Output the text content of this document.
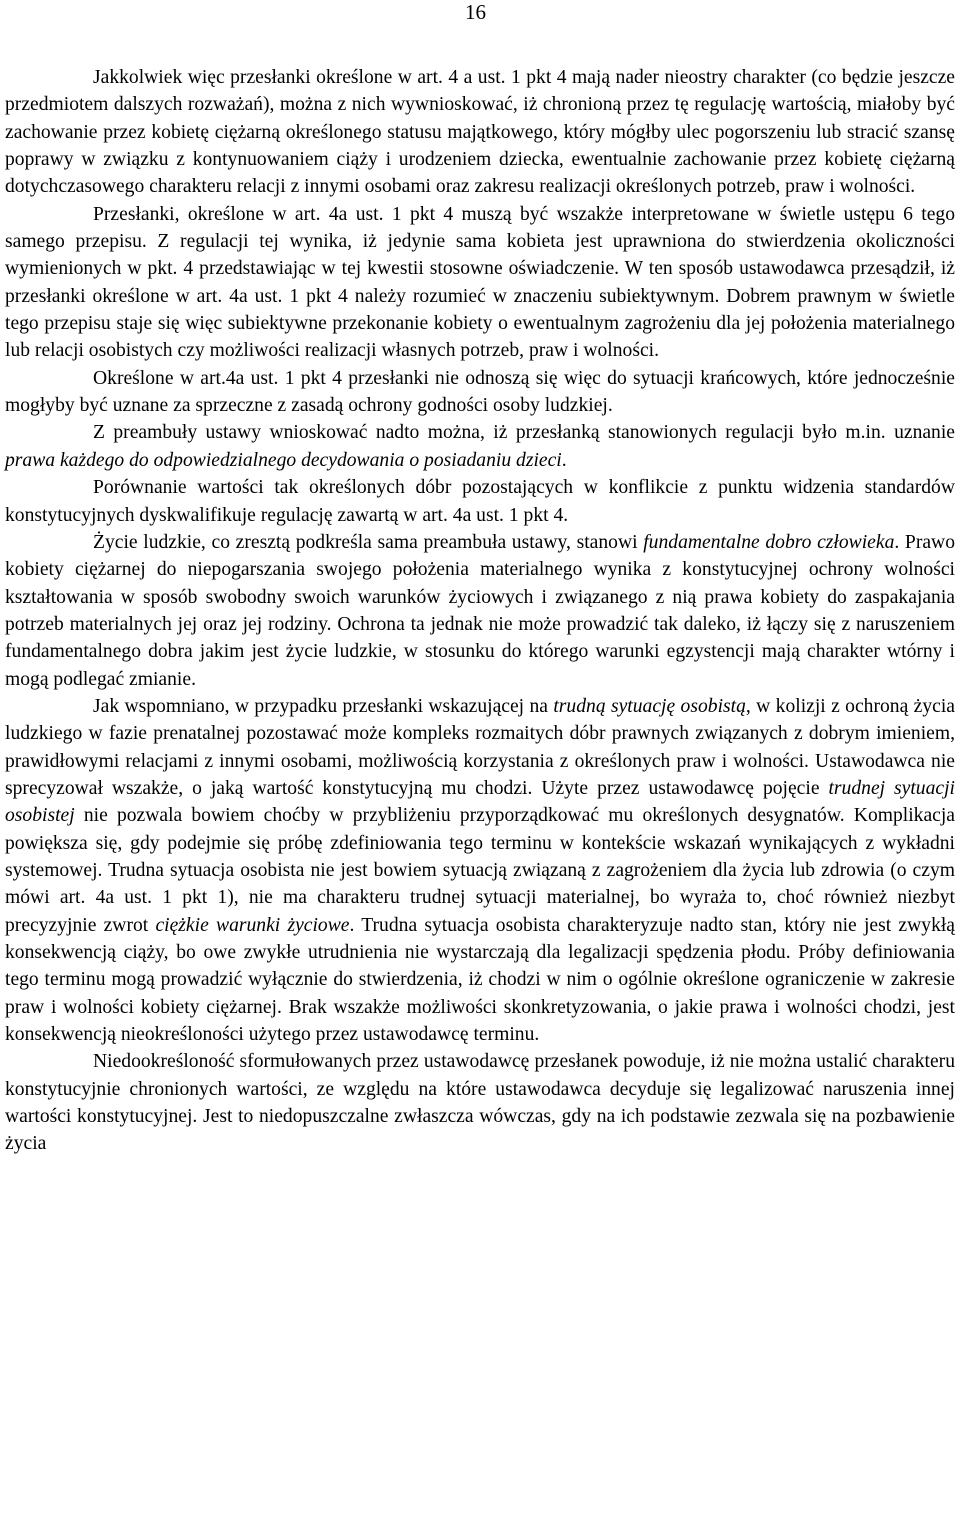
16

Jakkolwiek więc przesłanki określone w art. 4 a ust. 1 pkt 4 mają nader nieostry charakter (co będzie jeszcze przedmiotem dalszych rozważań), można z nich wywnioskować, iż chronioną przez tę regulację wartością, miałoby być zachowanie przez kobietę ciężarną określonego statusu majątkowego, który mógłby ulec pogorszeniu lub stracić szansę poprawy w związku z kontynuowaniem ciąży i urodzeniem dziecka, ewentualnie zachowanie przez kobietę ciężarną dotychczasowego charakteru relacji z innymi osobami oraz zakresu realizacji określonych potrzeb, praw i wolności.

Przesłanki, określone w art. 4a ust. 1 pkt 4 muszą być wszakże interpretowane w świetle ustępu 6 tego samego przepisu. Z regulacji tej wynika, iż jedynie sama kobieta jest uprawniona do stwierdzenia okoliczności wymienionych w pkt. 4 przedstawiając w tej kwestii stosowne oświadczenie. W ten sposób ustawodawca przesądził, iż przesłanki określone w art. 4a ust. 1 pkt 4 należy rozumieć w znaczeniu subiektywnym. Dobrem prawnym w świetle tego przepisu staje się więc subiektywne przekonanie kobiety o ewentualnym zagrożeniu dla jej położenia materialnego lub relacji osobistych czy możliwości realizacji własnych potrzeb, praw i wolności.

Określone w art.4a ust. 1 pkt 4 przesłanki nie odnoszą się więc do sytuacji krańcowych, które jednocześnie mogłyby być uznane za sprzeczne z zasadą ochrony godności osoby ludzkiej.

Z preambuły ustawy wnioskować nadto można, iż przesłanką stanowionych regulacji było m.in. uznanie prawa każdego do odpowiedzialnego decydowania o posiadaniu dzieci.

Porównanie wartości tak określonych dóbr pozostających w konflikcie z punktu widzenia standardów konstytucyjnych dyskwalifikuje regulację zawartą w art. 4a ust. 1 pkt 4.

Życie ludzkie, co zresztą podkreśla sama preambuła ustawy, stanowi fundamentalne dobro człowieka. Prawo kobiety ciężarnej do niepogarszania swojego położenia materialnego wynika z konstytucyjnej ochrony wolności kształtowania w sposób swobodny swoich warunków życiowych i związanego z nią prawa kobiety do zaspakajania potrzeb materialnych jej oraz jej rodziny. Ochrona ta jednak nie może prowadzić tak daleko, iż łączy się z naruszeniem fundamentalnego dobra jakim jest życie ludzkie, w stosunku do którego warunki egzystencji mają charakter wtórny i mogą podlegać zmianie.

Jak wspomniano, w przypadku przesłanki wskazującej na trudną sytuację osobistą, w kolizji z ochroną życia ludzkiego w fazie prenatalnej pozostawać może kompleks rozmaitych dóbr prawnych związanych z dobrym imieniem, prawidłowymi relacjami z innymi osobami, możliwością korzystania z określonych praw i wolności. Ustawodawca nie sprecyzował wszakże, o jaką wartość konstytucyjną mu chodzi. Użyte przez ustawodawcę pojęcie trudnej sytuacji osobistej nie pozwala bowiem choćby w przybliżeniu przyporządkować mu określonych desygnatów. Komplikacja powiększa się, gdy podejmie się próbę zdefiniowania tego terminu w kontekście wskazań wynikających z wykładni systemowej. Trudna sytuacja osobista nie jest bowiem sytuacją związaną z zagrożeniem dla życia lub zdrowia (o czym mówi art. 4a ust. 1 pkt 1), nie ma charakteru trudnej sytuacji materialnej, bo wyraża to, choć również niezbyt precyzyjnie zwrot ciężkie warunki życiowe. Trudna sytuacja osobista charakteryzuje nadto stan, który nie jest zwykłą konsekwencją ciąży, bo owe zwykłe utrudnienia nie wystarczają dla legalizacji spędzenia płodu. Próby definiowania tego terminu mogą prowadzić wyłącznie do stwierdzenia, iż chodzi w nim o ogólnie określone ograniczenie w zakresie praw i wolności kobiety ciężarnej. Brak wszakże możliwości skonkretyzowania, o jakie prawa i wolności chodzi, jest konsekwencją nieokreśloności użytego przez ustawodawcę terminu.

Niedookreśloność sformułowanych przez ustawodawcę przesłanek powoduje, iż nie można ustalić charakteru konstytucyjnie chronionych wartości, ze względu na które ustawodawca decyduje się legalizować naruszenia innej wartości konstytucyjnej. Jest to niedopuszczalne zwłaszcza wówczas, gdy na ich podstawie zezwala się na pozbawienie życia
